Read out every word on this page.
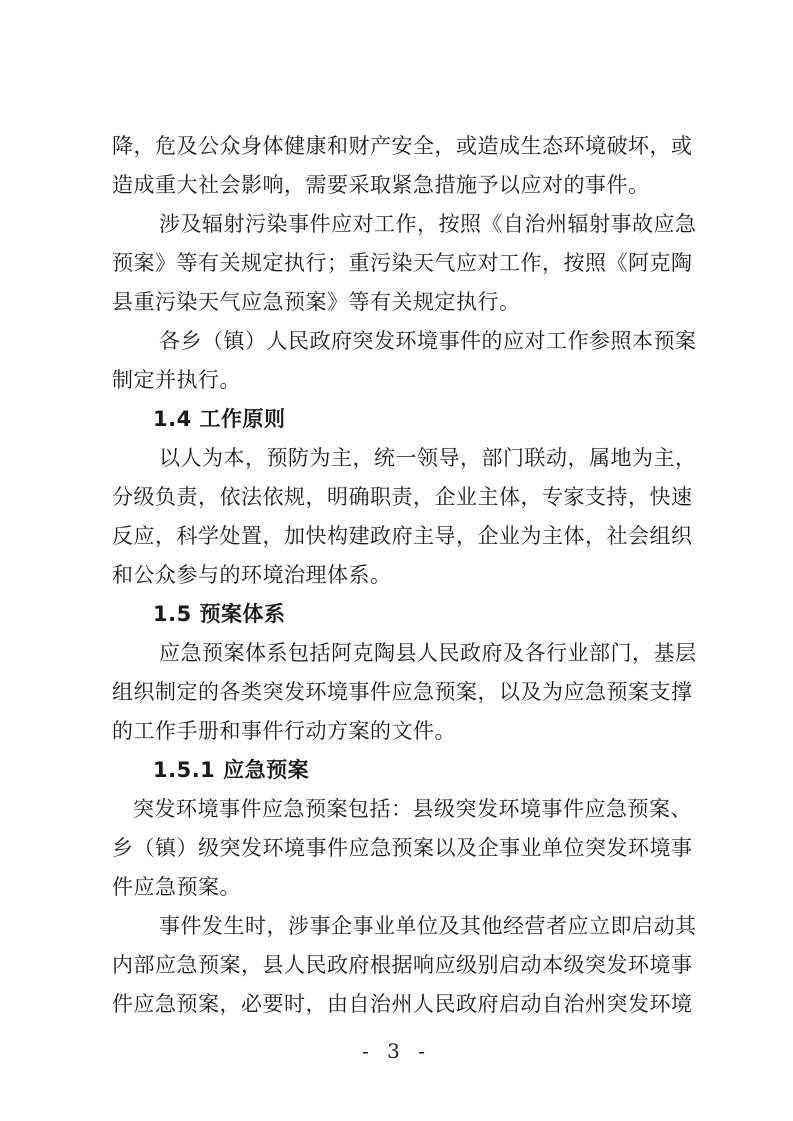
降，危及公众身体健康和财产安全，或造成生态环境破坏，或
造成重大社会影响，需要采取紧急措施予以应对的事件。
涉及辐射污染事件应对工作，按照《自治州辐射事故应急
预案》等有关规定执行；重污染天气应对工作，按照《阿克陶
县重污染天气应急预案》等有关规定执行。
各乡（镇）人民政府突发环境事件的应对工作参照本预案
制定并执行。
1.4 工作原则
以人为本，预防为主，统一领导，部门联动，属地为主，
分级负责，依法依规，明确职责，企业主体，专家支持，快速
反应，科学处置，加快构建政府主导，企业为主体，社会组织
和公众参与的环境治理体系。
1.5 预案体系
应急预案体系包括阿克陶县人民政府及各行业部门，基层
组织制定的各类突发环境事件应急预案，以及为应急预案支撑
的工作手册和事件行动方案的文件。
1.5.1 应急预案
突发环境事件应急预案包括：县级突发环境事件应急预案、
乡（镇）级突发环境事件应急预案以及企事业单位突发环境事
件应急预案。
事件发生时，涉事企事业单位及其他经营者应立即启动其
内部应急预案，县人民政府根据响应级别启动本级突发环境事
件应急预案，必要时，由自治州人民政府启动自治州突发环境
- 3 -
